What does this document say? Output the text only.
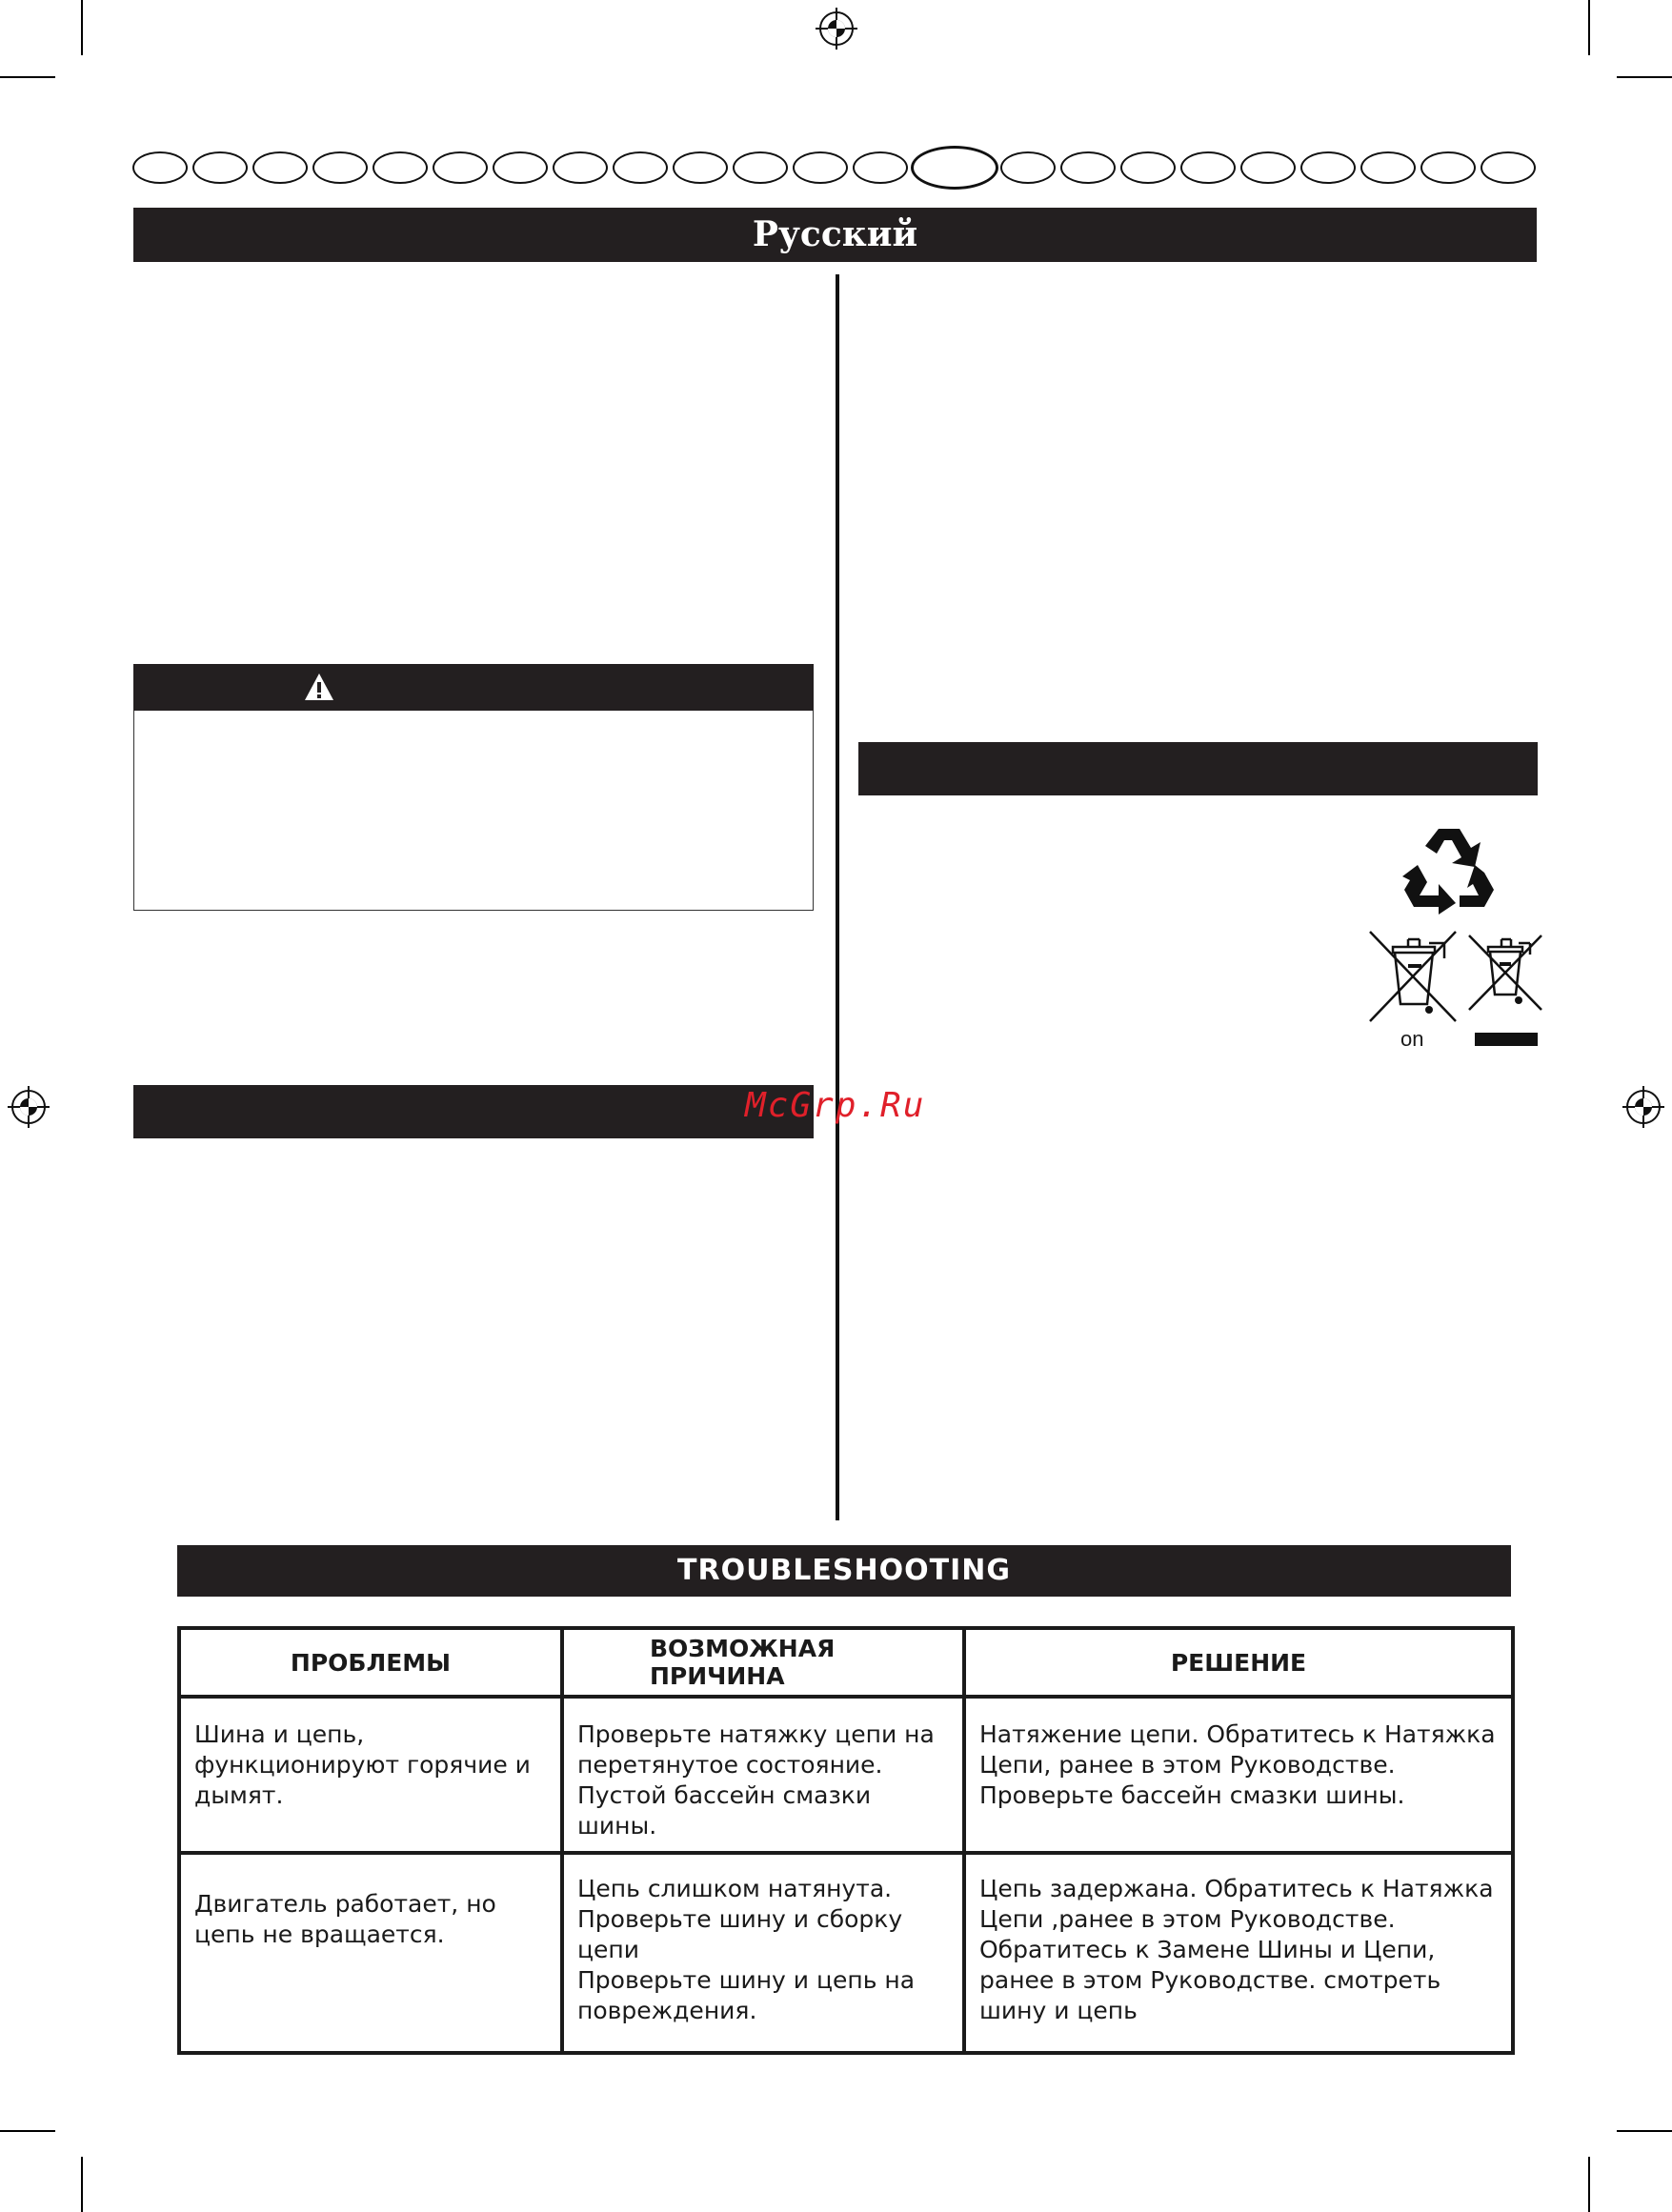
Русский
on
McGrp.Ru
TROUBLESHOOTING
ПРОБЛЕМЫ	ВОЗМОЖНАЯ ПРИЧИНА	РЕШЕНИЕ

Шина и цепь,
функционируют горячие и
дымят.	Проверьте натяжку цепи на
перетянутое состояние.
Пустой бассейн смазки шины.	Натяжение цепи. Обратитесь к Натяжка
Цепи, ранее в этом Руководстве.
Проверьте бассейн смазки шины.

Двигатель работает, но
цепь не вращается.	Цепь слишком натянута.
Проверьте шину и сборку
цепи
Проверьте шину и цепь на
повреждения.	Цепь задержана. Обратитесь к Натяжка
Цепи ,ранее в этом Руководстве.
Обратитесь к Замене Шины и Цепи,
ранее в этом Руководстве. смотреть
шину и цепь
